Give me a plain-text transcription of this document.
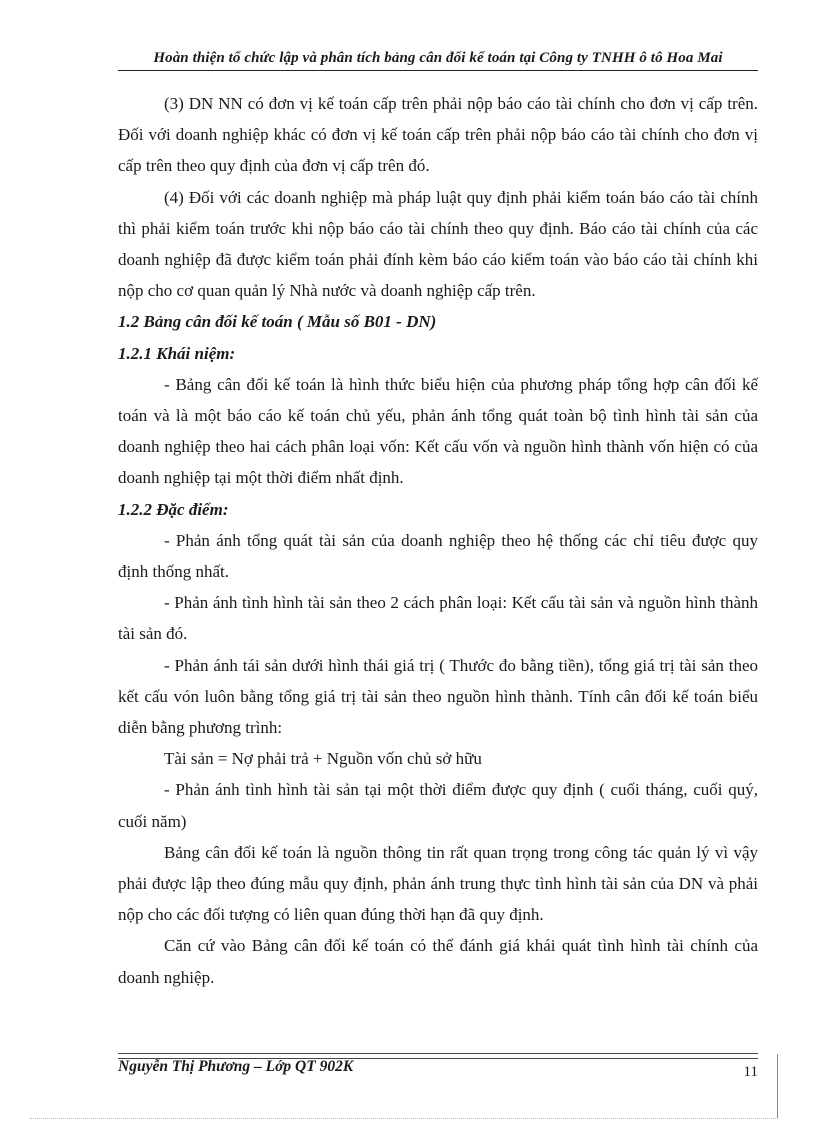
Hoàn thiện tổ chức lập và phân tích bảng cân đối kế toán tại Công ty TNHH ô tô Hoa Mai

(3) DN NN có đơn vị kế toán cấp trên phải nộp báo cáo tài chính cho đơn vị cấp trên. Đối với doanh nghiệp khác có đơn vị kế toán cấp trên phải nộp báo cáo tài chính cho đơn vị cấp trên theo quy định của đơn vị cấp trên đó.

(4) Đối với các doanh nghiệp mà pháp luật quy định phải kiểm toán báo cáo tài chính thì phải kiểm toán trước khi nộp báo cáo tài chính theo quy định. Báo cáo tài chính của các doanh nghiệp đã được kiểm toán phải đính kèm báo cáo kiểm toán vào báo cáo tài chính khi nộp cho cơ quan quản lý Nhà nước và doanh nghiệp cấp trên.

1.2 Bảng cân đối kế toán ( Mẫu số B01 - DN)
1.2.1 Khái niệm:

- Bảng cân đối kế toán là hình thức biểu hiện của phương pháp tổng hợp cân đối kế toán và là một báo cáo kế toán chủ yếu, phản ánh tổng quát toàn bộ tình hình tài sản của doanh nghiệp theo hai cách phân loại vốn: Kết cấu vốn và nguồn hình thành vốn hiện có của doanh nghiệp tại một thời điểm nhất định.

1.2.2 Đặc điểm:

- Phản ánh tổng quát tài sản của doanh nghiệp theo hệ thống các chỉ tiêu được quy định thống nhất.

- Phản ánh tình hình tài sản theo 2 cách phân loại: Kết cấu tài sản và nguồn hình thành tài sản đó.

- Phản ánh tái sản dưới hình thái giá trị ( Thước đo bằng tiền), tổng giá trị tài sản theo kết cấu vón luôn bằng tổng giá trị tài sản theo nguồn hình thành. Tính cân đối kế toán biểu diễn bằng phương trình:

Tài sản = Nợ phải trả + Nguồn vốn chủ sở hữu

- Phản ánh tình hình tài sản tại một thời điểm được quy định ( cuối tháng, cuối quý, cuối năm)

Bảng cân đối kế toán là nguồn thông tin rất quan trọng trong công tác quản lý vì vậy phải được lập theo đúng mẫu quy định, phản ánh trung thực tình hình tài sản của DN và phải nộp cho các đối tượng có liên quan đúng thời hạn đã quy định.

Căn cứ vào Bảng cân đối kế toán có thể đánh giá khái quát tình hình tài chính của doanh nghiệp.

Nguyễn Thị Phương – Lớp QT 902K	11
